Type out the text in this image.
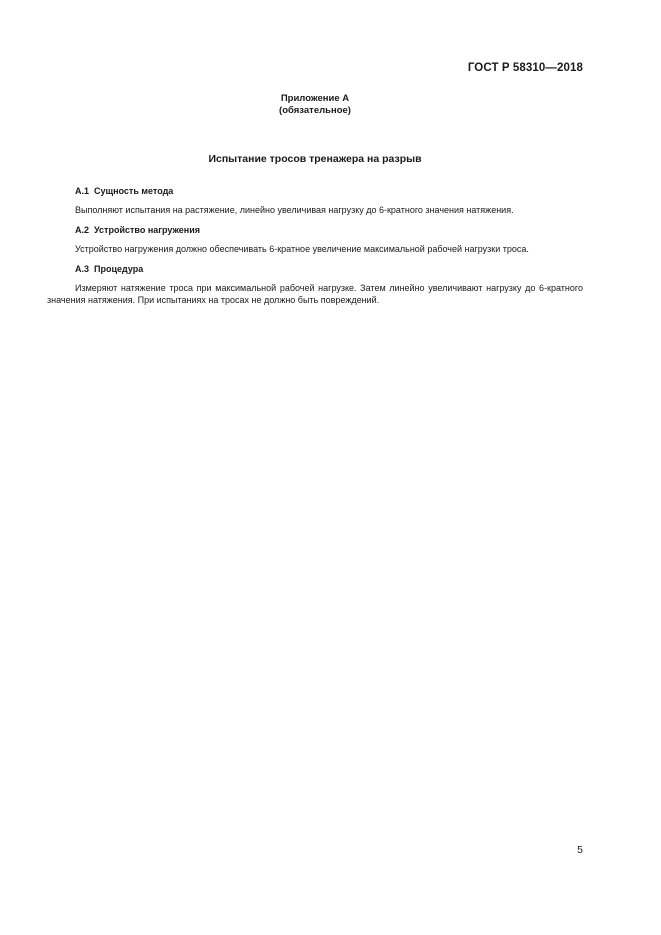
ГОСТ Р 58310—2018
Приложение А
(обязательное)
Испытание тросов тренажера на разрыв

А.1 Сущность метода

Выполняют испытания на растяжение, линейно увеличивая нагрузку до 6-кратного значения натяжения.

А.2 Устройство нагружения

Устройство нагружения должно обеспечивать 6-кратное увеличение максимальной рабочей нагрузки троса.

А.3 Процедура

Измеряют натяжение троса при максимальной рабочей нагрузке. Затем линейно увеличивают нагрузку до 6-кратного значения натяжения. При испытаниях на тросах не должно быть повреждений.

5
